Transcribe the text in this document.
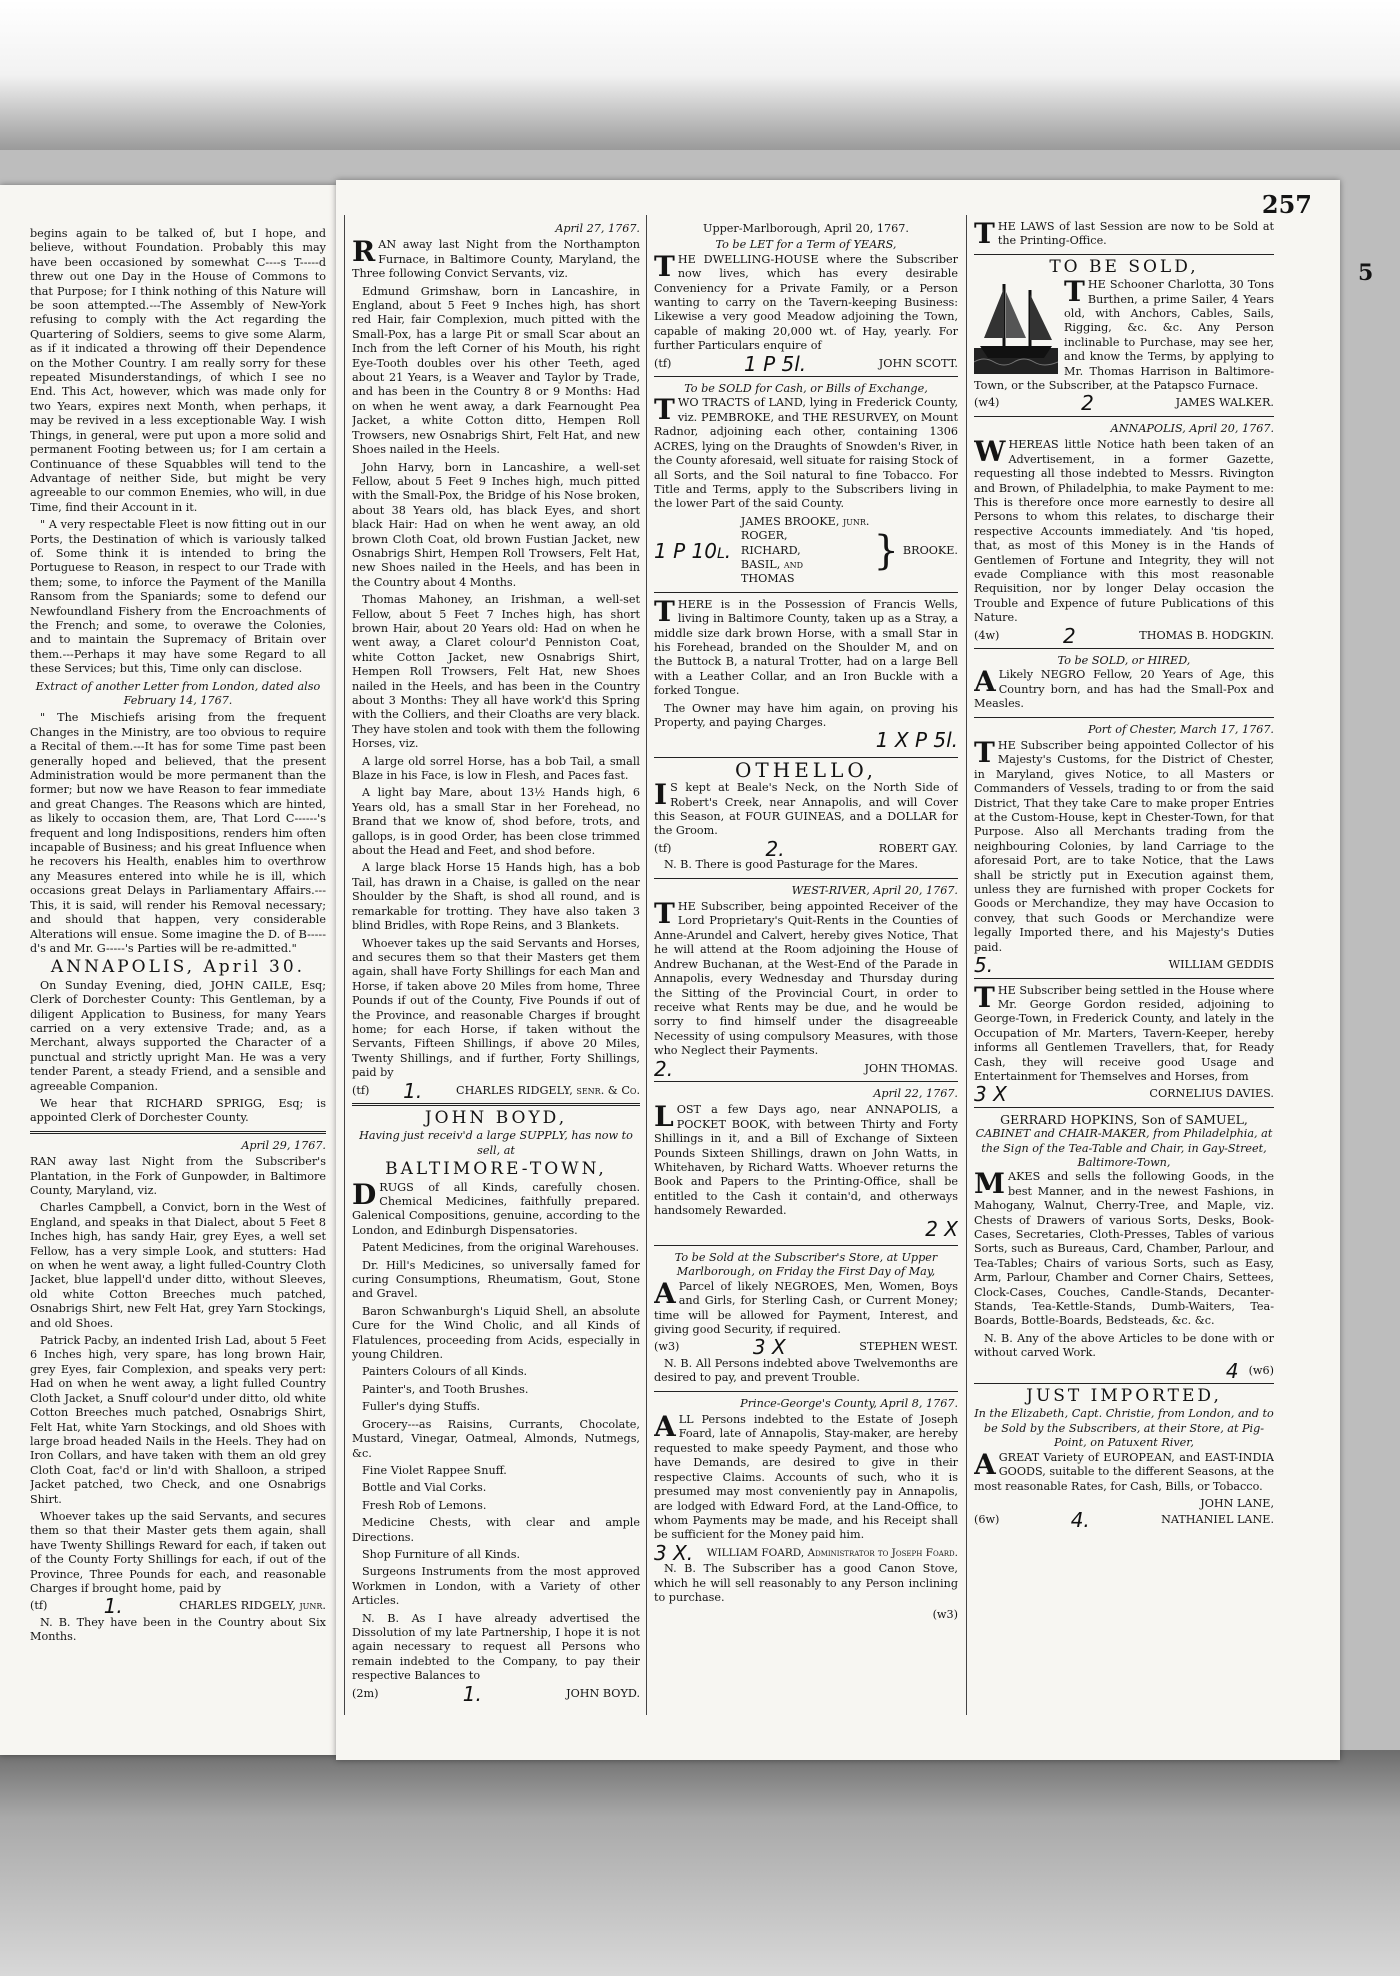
begins again to be talked of, but I hope, and believe, without Foundation. Probably this may have been occasioned by somewhat C----s T-----d threw out one Day in the House of Commons to that Purpose; for I think nothing of this Nature will be soon attempted.---The Assembly of New-York refusing to comply with the Act regarding the Quartering of Soldiers, seems to give some Alarm, as if it indicated a throwing off their Dependence on the Mother Country. I am really sorry for these repeated Misunderstandings, of which I see no End. This Act, however, which was made only for two Years, expires next Month, when perhaps, it may be revived in a less exceptionable Way. I wish Things, in general, were put upon a more solid and permanent Footing between us; for I am certain a Continuance of these Squabbles will tend to the Advantage of neither Side, but might be very agreeable to our common Enemies, who will, in due Time, find their Account in it.

" A very respectable Fleet is now fitting out in our Ports, the Destination of which is variously talked of. Some think it is intended to bring the Portuguese to Reason, in respect to our Trade with them; some, to inforce the Payment of the Manilla Ransom from the Spaniards; some to defend our Newfoundland Fishery from the Encroachments of the French; and some, to overawe the Colonies, and to maintain the Supremacy of Britain over them.---Perhaps it may have some Regard to all these Services; but this, Time only can disclose.

Extract of another Letter from London, dated also February 14, 1767.

" The Mischiefs arising from the frequent Changes in the Ministry, are too obvious to require a Recital of them.---It has for some Time past been generally hoped and believed, that the present Administration would be more permanent than the former; but now we have Reason to fear immediate and great Changes. The Reasons which are hinted, as likely to occasion them, are, That Lord C------'s frequent and long Indispositions, renders him often incapable of Business; and his great Influence when he recovers his Health, enables him to overthrow any Measures entered into while he is ill, which occasions great Delays in Parliamentary Affairs.---This, it is said, will render his Removal necessary; and should that happen, very considerable Alterations will ensue. Some imagine the D. of B-----d's and Mr. G-----'s Parties will be re-admitted."

ANNAPOLIS, April 30.

On Sunday Evening, died, JOHN CAILE, Esq; Clerk of Dorchester County: This Gentleman, by a diligent Application to Business, for many Years carried on a very extensive Trade; and, as a Merchant, always supported the Character of a punctual and strictly upright Man. He was a very tender Parent, a steady Friend, and a sensible and agreeable Companion.

We hear that RICHARD SPRIGG, Esq; is appointed Clerk of Dorchester County.

April 29, 1767.

RAN away last Night from the Subscriber's Plantation, in the Fork of Gunpowder, in Baltimore County, Maryland, viz.

Charles Campbell, a Convict, born in the West of England, and speaks in that Dialect, about 5 Feet 8 Inches high, has sandy Hair, grey Eyes, a well set Fellow, has a very simple Look, and stutters: Had on when he went away, a light fulled-Country Cloth Jacket, blue lappell'd under ditto, without Sleeves, old white Cotton Breeches much patched, Osnabrigs Shirt, new Felt Hat, grey Yarn Stockings, and old Shoes.

Patrick Pacby, an indented Irish Lad, about 5 Feet 6 Inches high, very spare, has long brown Hair, grey Eyes, fair Complexion, and speaks very pert: Had on when he went away, a light fulled Country Cloth Jacket, a Snuff colour'd under ditto, old white Cotton Breeches much patched, Osnabrigs Shirt, Felt Hat, white Yarn Stockings, and old Shoes with large broad headed Nails in the Heels. They had on Iron Collars, and have taken with them an old grey Cloth Coat, fac'd or lin'd with Shalloon, a striped Jacket patched, two Check, and one Osnabrigs Shirt.

Whoever takes up the said Servants, and secures them so that their Master gets them again, shall have Twenty Shillings Reward for each, if taken out of the County Forty Shillings for each, if out of the Province, Three Pounds for each, and reasonable Charges if brought home, paid by

(tf)	1.	CHARLES RIDGELY, junr.

N. B. They have been in the Country about Six Months.

257
April 27, 1767.

RAN away last Night from the Northampton Furnace, in Baltimore County, Maryland, the Three following Convict Servants, viz.

Edmund Grimshaw, born in Lancashire, in England, about 5 Feet 9 Inches high, has short red Hair, fair Complexion, much pitted with the Small-Pox, has a large Pit or small Scar about an Inch from the left Corner of his Mouth, his right Eye-Tooth doubles over his other Teeth, aged about 21 Years, is a Weaver and Taylor by Trade, and has been in the Country 8 or 9 Months: Had on when he went away, a dark Fearnought Pea Jacket, a white Cotton ditto, Hempen Roll Trowsers, new Osnabrigs Shirt, Felt Hat, and new Shoes nailed in the Heels.

John Harvy, born in Lancashire, a well-set Fellow, about 5 Feet 9 Inches high, much pitted with the Small-Pox, the Bridge of his Nose broken, about 38 Years old, has black Eyes, and short black Hair: Had on when he went away, an old brown Cloth Coat, old brown Fustian Jacket, new Osnabrigs Shirt, Hempen Roll Trowsers, Felt Hat, new Shoes nailed in the Heels, and has been in the Country about 4 Months.

Thomas Mahoney, an Irishman, a well-set Fellow, about 5 Feet 7 Inches high, has short brown Hair, about 20 Years old: Had on when he went away, a Claret colour'd Penniston Coat, white Cotton Jacket, new Osnabrigs Shirt, Hempen Roll Trowsers, Felt Hat, new Shoes nailed in the Heels, and has been in the Country about 3 Months: They all have work'd this Spring with the Colliers, and their Cloaths are very black. They have stolen and took with them the following Horses, viz.

A large old sorrel Horse, has a bob Tail, a small Blaze in his Face, is low in Flesh, and Paces fast.

A light bay Mare, about 13½ Hands high, 6 Years old, has a small Star in her Forehead, no Brand that we know of, shod before, trots, and gallops, is in good Order, has been close trimmed about the Head and Feet, and shod before.

A large black Horse 15 Hands high, has a bob Tail, has drawn in a Chaise, is galled on the near Shoulder by the Shaft, is shod all round, and is remarkable for trotting. They have also taken 3 blind Bridles, with Rope Reins, and 3 Blankets.

Whoever takes up the said Servants and Horses, and secures them so that their Masters get them again, shall have Forty Shillings for each Man and Horse, if taken above 20 Miles from home, Three Pounds if out of the County, Five Pounds if out of the Province, and reasonable Charges if brought home; for each Horse, if taken without the Servants, Fifteen Shillings, if above 20 Miles, Twenty Shillings, and if further, Forty Shillings, paid by

(tf) 1.	CHARLES RIDGELY, senr. & Co.
JOHN BOYD,
Having just receiv'd a large SUPPLY, has now to sell, at
BALTIMORE-TOWN,

DRUGS of all Kinds, carefully chosen. Chemical Medicines, faithfully prepared. Galenical Compositions, genuine, according to the London, and Edinburgh Dispensatories.

Patent Medicines, from the original Warehouses.

Dr. Hill's Medicines, so universally famed for curing Consumptions, Rheumatism, Gout, Stone and Gravel.

Baron Schwanburgh's Liquid Shell, an absolute Cure for the Wind Cholic, and all Kinds of Flatulences, proceeding from Acids, especially in young Children.

Painters Colours of all Kinds.

Painter's, and Tooth Brushes.

Fuller's dying Stuffs.

Grocery---as Raisins, Currants, Chocolate, Mustard, Vinegar, Oatmeal, Almonds, Nutmegs, &c.

Fine Violet Rappee Snuff.

Bottle and Vial Corks.

Fresh Rob of Lemons.

Medicine Chests, with clear and ample Directions.

Shop Furniture of all Kinds.

Surgeons Instruments from the most approved Workmen in London, with a Variety of other Articles.

N. B. As I have already advertised the Dissolution of my late Partnership, I hope it is not again necessary to request all Persons who remain indebted to the Company, to pay their respective Balances to

(2m)	1.	JOHN BOYD.
Upper-Marlborough, April 20, 1767.
To be LET for a Term of YEARS,

THE DWELLING-HOUSE where the Subscriber now lives, which has every desirable Conveniency for a Private Family, or a Person wanting to carry on the Tavern-keeping Business: Likewise a very good Meadow adjoining the Town, capable of making 20,000 wt. of Hay, yearly. For further Particulars enquire of

(tf)	1 P 5l.	JOHN SCOTT.
To be SOLD for Cash, or Bills of Exchange,

TWO TRACTS of LAND, lying in Frederick County, viz. PEMBROKE, and THE RESURVEY, on Mount Radnor, adjoining each other, containing 1306 ACRES, lying on the Draughts of Snowden's River, in the County aforesaid, well situate for raising Stock of all Sorts, and the Soil natural to fine Tobacco. For Title and Terms, apply to the Subscribers living in the lower Part of the said County.

1 P 10l.
JAMES BROOKE, junr.
ROGER,
RICHARD,
BASIL, and
THOMAS
} BROOKE.

THERE is in the Possession of Francis Wells, living in Baltimore County, taken up as a Stray, a middle size dark brown Horse, with a small Star in his Forehead, branded on the Shoulder M, and on the Buttock B, a natural Trotter, had on a large Bell with a Leather Collar, and an Iron Buckle with a forked Tongue.

The Owner may have him again, on proving his Property, and paying Charges.

1 X P 5l.
OTHELLO,

I S kept at Beale's Neck, on the North Side of Robert's Creek, near Annapolis, and will Cover this Season, at FOUR GUINEAS, and a DOLLAR for the Groom.

(tf)	2.	ROBERT GAY.

N. B. There is good Pasturage for the Mares.

WEST-RIVER, April 20, 1767.

THE Subscriber, being appointed Receiver of the Lord Proprietary's Quit-Rents in the Counties of Anne-Arundel and Calvert, hereby gives Notice, That he will attend at the Room adjoining the House of Andrew Buchanan, at the West-End of the Parade in Annapolis, every Wednesday and Thursday during the Sitting of the Provincial Court, in order to receive what Rents may be due, and he would be sorry to find himself under the disagreeable Necessity of using compulsory Measures, with those who Neglect their Payments.

2.	JOHN THOMAS.
April 22, 1767.

LOST a few Days ago, near ANNAPOLIS, a POCKET BOOK, with between Thirty and Forty Shillings in it, and a Bill of Exchange of Sixteen Pounds Sixteen Shillings, drawn on John Watts, in Whitehaven, by Richard Watts. Whoever returns the Book and Papers to the Printing-Office, shall be entitled to the Cash it contain'd, and otherways handsomely Rewarded.

2 X
To be Sold at the Subscriber's Store, at Upper Marlborough, on Friday the First Day of May,

A Parcel of likely NEGROES, Men, Women, Boys and Girls, for Sterling Cash, or Current Money; time will be allowed for Payment, Interest, and giving good Security, if required.

(w3)	3 X	STEPHEN WEST.

N. B. All Persons indebted above Twelvemonths are desired to pay, and prevent Trouble.

Prince-George's County, April 8, 1767.

ALL Persons indebted to the Estate of Joseph Foard, late of Annapolis, Stay-maker, are hereby requested to make speedy Payment, and those who have Demands, are desired to give in their respective Claims. Accounts of such, who it is presumed may most conveniently pay in Annapolis, are lodged with Edward Ford, at the Land-Office, to whom Payments may be made, and his Receipt shall be sufficient for the Money paid him.

3 X. WILLIAM FOARD, Administrator to Joseph Foard.

N. B. The Subscriber has a good Canon Stove, which he will sell reasonably to any Person inclining to purchase.

(w3)

THE LAWS of last Session are now to be Sold at the Printing-Office.

TO BE SOLD,

THE Schooner Charlotta, 30 Tons Burthen, a prime Sailer, 4 Years old, with Anchors, Cables, Sails, Rigging, &c. &c. Any Person inclinable to Purchase, may see her, and know the Terms, by applying to Mr. Thomas Harrison in Baltimore-Town, or the Subscriber, at the Patapsco Furnace.

(w4)	2	JAMES WALKER.
ANNAPOLIS, April 20, 1767.

WHEREAS little Notice hath been taken of an Advertisement, in a former Gazette, requesting all those indebted to Messrs. Rivington and Brown, of Philadelphia, to make Payment to me: This is therefore once more earnestly to desire all Persons to whom this relates, to discharge their respective Accounts immediately. And 'tis hoped, that, as most of this Money is in the Hands of Gentlemen of Fortune and Integrity, they will not evade Compliance with this most reasonable Requisition, nor by longer Delay occasion the Trouble and Expence of future Publications of this Nature.

(4w)	2	THOMAS B. HODGKIN.
To be SOLD, or HIRED,

A Likely NEGRO Fellow, 20 Years of Age, this Country born, and has had the Small-Pox and Measles.

Port of Chester, March 17, 1767.

THE Subscriber being appointed Collector of his Majesty's Customs, for the District of Chester, in Maryland, gives Notice, to all Masters or Commanders of Vessels, trading to or from the said District, That they take Care to make proper Entries at the Custom-House, kept in Chester-Town, for that Purpose. Also all Merchants trading from the neighbouring Colonies, by land Carriage to the aforesaid Port, are to take Notice, that the Laws shall be strictly put in Execution against them, unless they are furnished with proper Cockets for Goods or Merchandize, they may have Occasion to convey, that such Goods or Merchandize were legally Imported there, and his Majesty's Duties paid.

5.	WILLIAM GEDDIS

THE Subscriber being settled in the House where Mr. George Gordon resided, adjoining to George-Town, in Frederick County, and lately in the Occupation of Mr. Marters, Tavern-Keeper, hereby informs all Gentlemen Travellers, that, for Ready Cash, they will receive good Usage and Entertainment for Themselves and Horses, from

3 X	CORNELIUS DAVIES.
GERRARD HOPKINS, Son of SAMUEL,
CABINET and CHAIR-MAKER, from Philadelphia, at the Sign of the Tea-Table and Chair, in Gay-Street, Baltimore-Town,

MAKES and sells the following Goods, in the best Manner, and in the newest Fashions, in Mahogany, Walnut, Cherry-Tree, and Maple, viz. Chests of Drawers of various Sorts, Desks, Book-Cases, Secretaries, Cloth-Presses, Tables of various Sorts, such as Bureaus, Card, Chamber, Parlour, and Tea-Tables; Chairs of various Sorts, such as Easy, Arm, Parlour, Chamber and Corner Chairs, Settees, Clock-Cases, Couches, Candle-Stands, Decanter-Stands, Tea-Kettle-Stands, Dumb-Waiters, Tea-Boards, Bottle-Boards, Bedsteads, &c. &c.

N. B. Any of the above Articles to be done with or without carved Work.

4 (w6)
JUST IMPORTED,
In the Elizabeth, Capt. Christie, from London, and to be Sold by the Subscribers, at their Store, at Pig-Point, on Patuxent River,

AGREAT Variety of EUROPEAN, and EAST-INDIA GOODS, suitable to the different Seasons, at the most reasonable Rates, for Cash, Bills, or Tobacco.

JOHN LANE,
(6w)	4.	NATHANIEL LANE.
5
